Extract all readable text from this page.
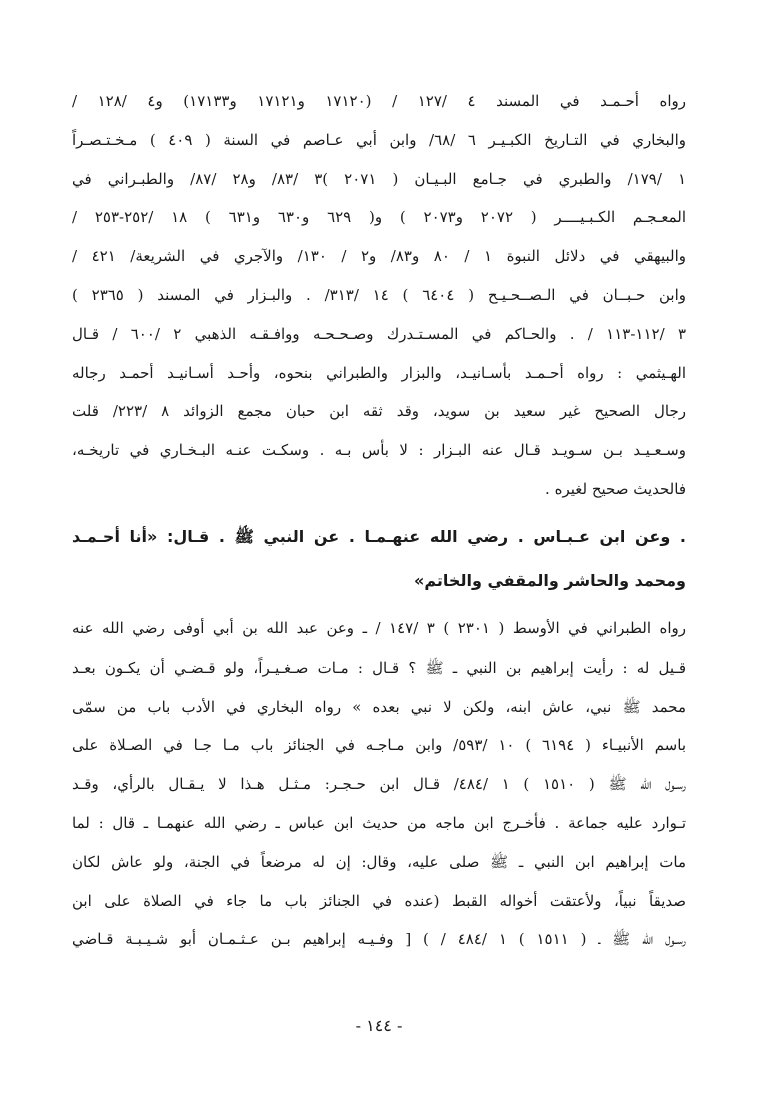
رواه أحـمـد في المسند ٤ /١٢٧ / (١٧١٢٠ و١٧١٢١ و١٧١٣٣) و٤ /١٢٨ /
والبخاري في التـاريخ الكبـيـر ٦ /٦٨/ وابن أبي عـاصم في السنة ( ٤٠٩ ) مـخـتـصـراً
١ /١٧٩/ والطبري في جـامع البـيـان ( ٢٠٧١ )٣ /٨٣/ و٢٨ /٨٧/ والطبـراني في
المعـجـم الكـبـيــــر ( ٢٠٧٢ و٢٠٧٣ ) و( ٦٢٩ و٦٣٠ و٦٣١ ) ١٨ /٢٥٢-٢٥٣ /
والبيهقي في دلائل النبوة ١ / ٨٠ و٨٣/ و٢ / ١٣٠/ والآجري في الشريعة/ ٤٢١ /
وابن حـبــان في الـصــحـيـح ( ٦٤٠٤ ) ١٤ /٣١٣/ . والبـزار في المسند ( ٢٣٦٥ )
٣ /١١٢-١١٣ / . والحـاكم في المسـتـدرك وصـحـحـه ووافـقـه الذهبي ٢ /٦٠٠ / قـال
الهـيثمي : رواه أحـمـد بأسـانيـد، والبزار والطبراني بنحوه، وأحـد أسـانيـد أحمـد رجاله
رجال الصحيح غير سعيد بن سويد، وقد ثقه ابن حبان مجمع الزوائد ٨ /٢٢٣/ قلت
وسـعـيـد بـن سـويـد قـال عنه البـزار : لا بأس بـه . وسكـت عنـه البـخـاري في تاريخـه،
فالحديث صحيح لغيره .
. وعن ابن عـبـاس . رضي الله عنهـمـا . عن النبي ﷺ . قـال: «أنا أحـمـد
ومحمد والحاشر والمقفي والخاتم»
رواه الطبراني في الأوسط ( ٢٣٠١ ) ٣ /١٤٧ / ـ وعن عبد الله بن أبي أوفى رضي الله عنه
قـيل له : رأيت إبراهيم بن النبي ـ ﷺ ؟ قـال : مـات صـغـيـراً، ولو قـضـي أن يكـون بعـد
محمد ﷺ نبي، عاش ابنه، ولكن لا نبي بعده » رواه البخاري في الأدب باب من سمّى
باسم الأنبيـاء ( ٦١٩٤ ) ١٠ /٥٩٣/ وابن مـاجـه في الجنائز باب مـا جـا في الصـلاة على
رسـول الله ﷺ ( ١٥١٠ ) ١ /٤٨٤/ قـال ابن حـجـر: مـثـل هـذا لا يـقـال بالرأي، وقـد
تـوارد عليه جماعة . فأخـرج ابن ماجه من حديث ابن عباس ـ رضي الله عنهمـا ـ قال : لما
مات إبراهيم ابن النبي ـ ﷺ صلى عليه، وقال: إن له مرضعاً في الجنة، ولو عاش لكان
صديقاً نبياً، ولأعتقت أخواله القبط (عنده في الجنائز باب ما جاء في الصلاة على ابن
رسـول الله ﷺ ـ ( ١٥١١ ) ١ /٤٨٤ / ) [ وفـيـه إبراهيم بـن عـثـمـان أبو شـيـبـة قـاضي
- ١٤٤ -
